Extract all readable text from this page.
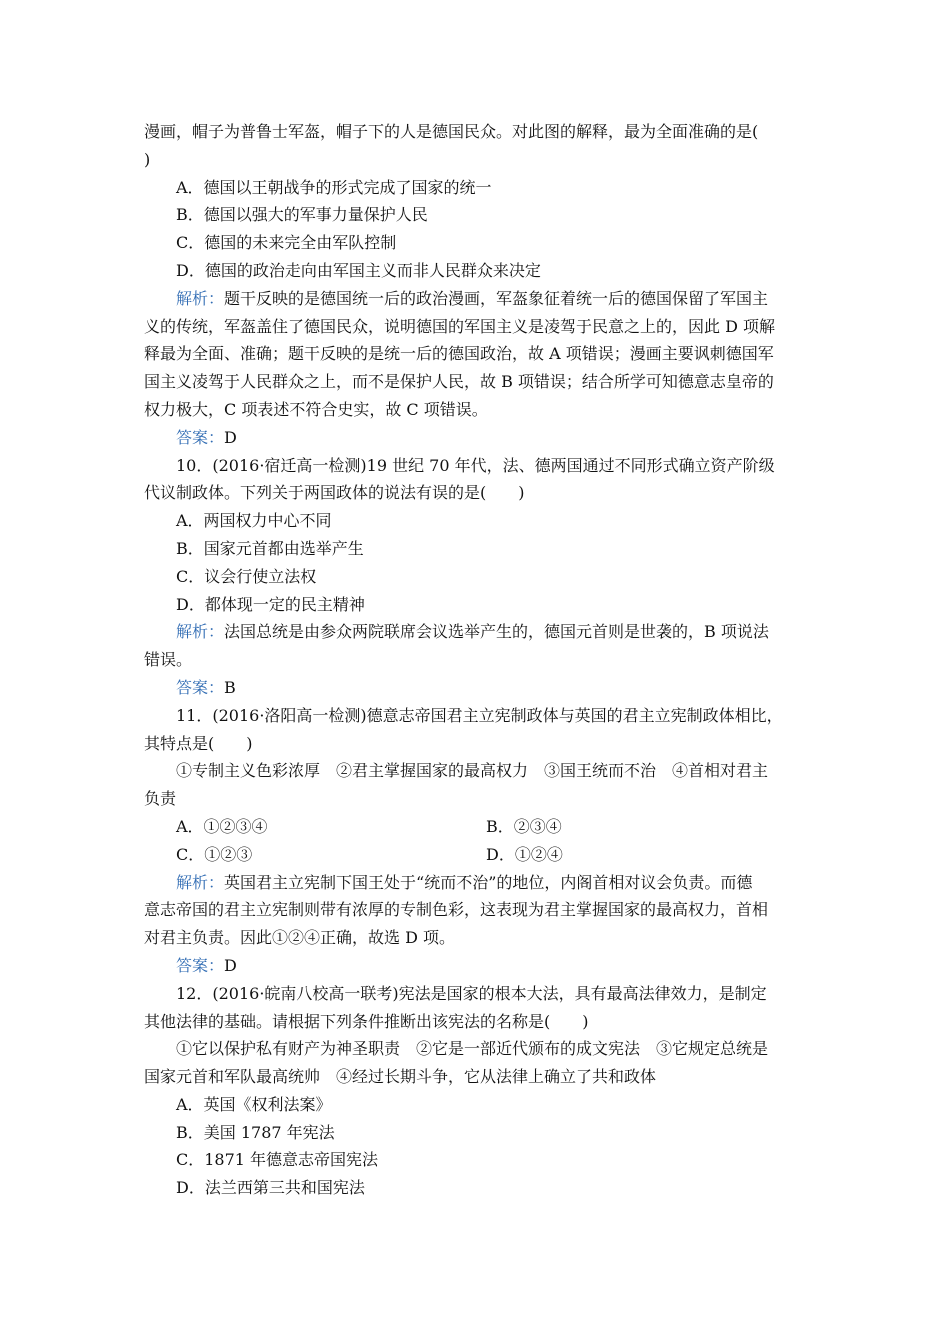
漫画，帽子为普鲁士军盔，帽子下的人是德国民众。对此图的解释，最为全面准确的是(
)
A．德国以王朝战争的形式完成了国家的统一
B．德国以强大的军事力量保护人民
C．德国的未来完全由军队控制
D．德国的政治走向由军国主义而非人民群众来决定
解析：题干反映的是德国统一后的政治漫画，军盔象征着统一后的德国保留了军国主
义的传统，军盔盖住了德国民众，说明德国的军国主义是凌驾于民意之上的，因此 D 项解
释最为全面、准确；题干反映的是统一后的德国政治，故 A 项错误；漫画主要讽刺德国军
国主义凌驾于人民群众之上，而不是保护人民，故 B 项错误；结合所学可知德意志皇帝的
权力极大，C 项表述不符合史实，故 C 项错误。
答案：D
10．(2016·宿迁高一检测)19 世纪 70 年代，法、德两国通过不同形式确立资产阶级
代议制政体。下列关于两国政体的说法有误的是(　　)
A．两国权力中心不同
B．国家元首都由选举产生
C．议会行使立法权
D．都体现一定的民主精神
解析：法国总统是由参众两院联席会议选举产生的，德国元首则是世袭的，B 项说法
错误。
答案：B
11．(2016·洛阳高一检测)德意志帝国君主立宪制政体与英国的君主立宪制政体相比，
其特点是(　　)
①专制主义色彩浓厚　②君主掌握国家的最高权力　③国王统而不治　④首相对君主
负责
A．①②③④	B．②③④
C．①②③	D．①②④
解析：英国君主立宪制下国王处于“统而不治”的地位，内阁首相对议会负责。而德
意志帝国的君主立宪制则带有浓厚的专制色彩，这表现为君主掌握国家的最高权力，首相
对君主负责。因此①②④正确，故选 D 项。
答案：D
12．(2016·皖南八校高一联考)宪法是国家的根本大法，具有最高法律效力，是制定
其他法律的基础。请根据下列条件推断出该宪法的名称是(　　)
①它以保护私有财产为神圣职责　②它是一部近代颁布的成文宪法　③它规定总统是
国家元首和军队最高统帅　④经过长期斗争，它从法律上确立了共和政体
A．英国《权利法案》
B．美国 1787 年宪法
C．1871 年德意志帝国宪法
D．法兰西第三共和国宪法
